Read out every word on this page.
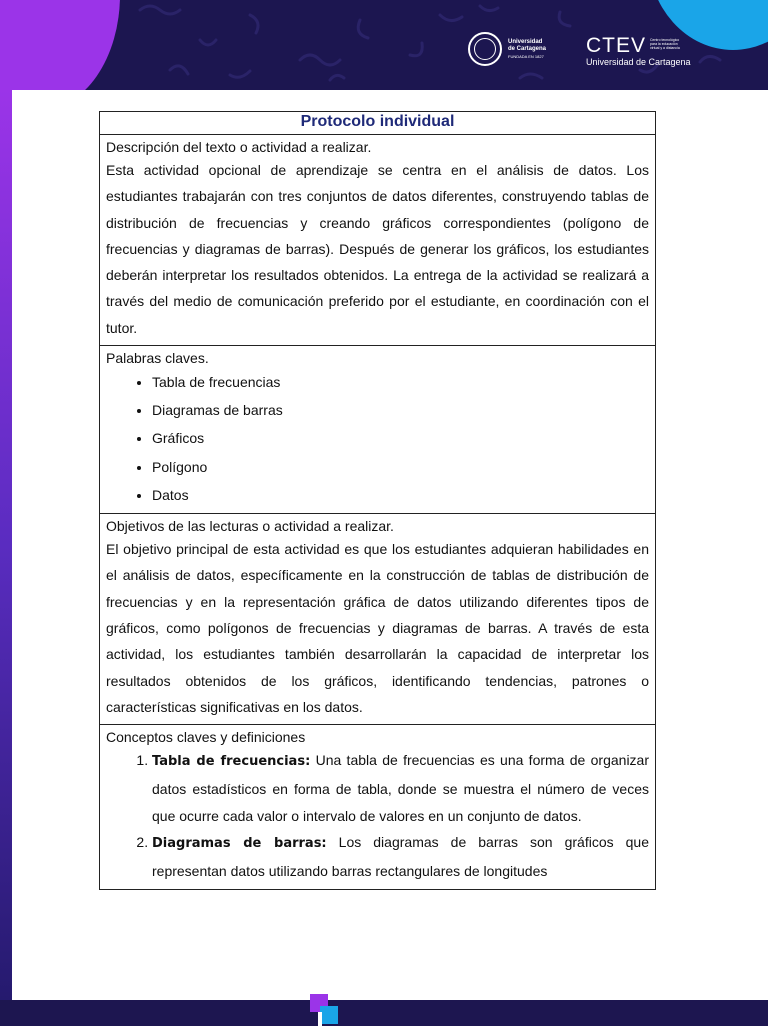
Universidad
de Cartagena
FUNDADA EN 1827 CTEV Centro tecnológico para la educación virtual y a distancia
Universidad de Cartagena
Protocolo individual

Descripción del texto o actividad a realizar.

Esta actividad opcional de aprendizaje se centra en el análisis de datos. Los estudiantes trabajarán con tres conjuntos de datos diferentes, construyendo tablas de distribución de frecuencias y creando gráficos correspondientes (polígono de frecuencias y diagramas de barras). Después de generar los gráficos, los estudiantes deberán interpretar los resultados obtenidos. La entrega de la actividad se realizará a través del medio de comunicación preferido por el estudiante, en coordinación con el tutor.

Palabras claves.
• Tabla de frecuencias
• Diagramas de barras
• Gráficos
• Polígono
• Datos

Objetivos de las lecturas o actividad a realizar.

El objetivo principal de esta actividad es que los estudiantes adquieran habilidades en el análisis de datos, específicamente en la construcción de tablas de distribución de frecuencias y en la representación gráfica de datos utilizando diferentes tipos de gráficos, como polígonos de frecuencias y diagramas de barras. A través de esta actividad, los estudiantes también desarrollarán la capacidad de interpretar los resultados obtenidos de los gráficos, identificando tendencias, patrones o características significativas en los datos.

Conceptos claves y definiciones
1. Tabla de frecuencias: Una tabla de frecuencias es una forma de organizar datos estadísticos en forma de tabla, donde se muestra el número de veces que ocurre cada valor o intervalo de valores en un conjunto de datos.
2. Diagramas de barras: Los diagramas de barras son gráficos que representan datos utilizando barras rectangulares de longitudes
